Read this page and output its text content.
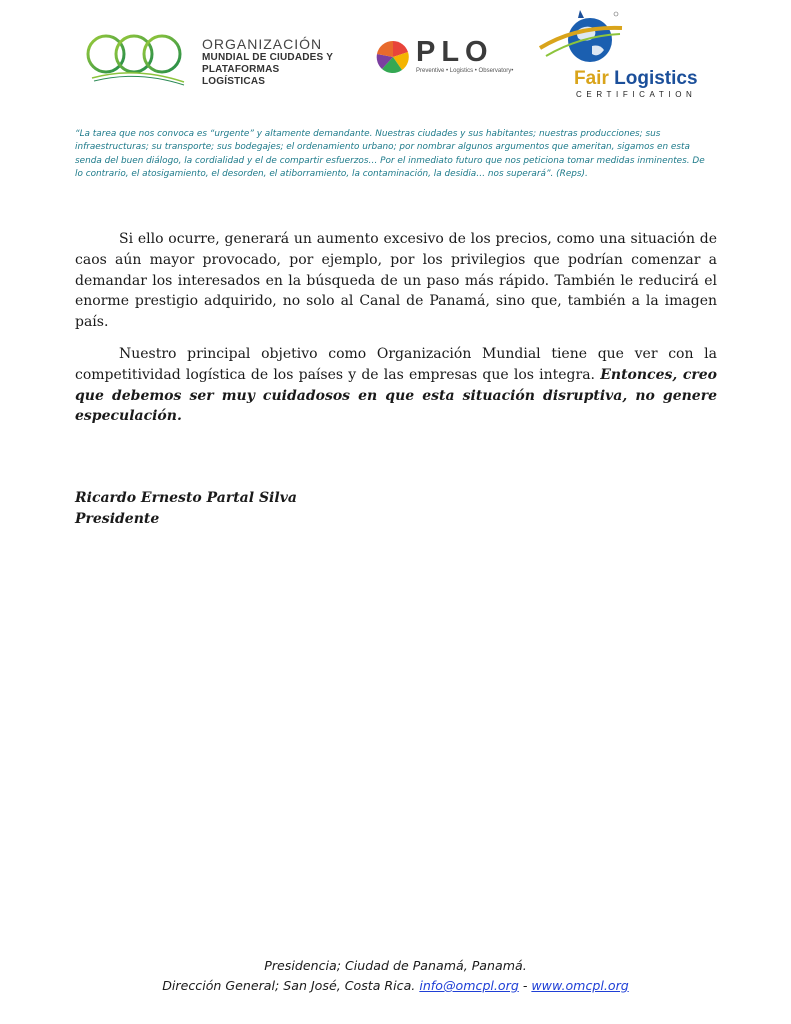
ORGANIZACIÓN
MUNDIAL DE CIUDADES Y
PLATAFORMAS LOGÍSTICAS
PLO
Preventive • Logistics • Observatory•	Fair Logistics
CERTIFICATION
“La tarea que nos convoca es “urgente” y altamente demandante. Nuestras ciudades y sus habitantes; nuestras producciones; sus infraestructuras; su transporte; sus bodegajes; el ordenamiento urbano; por nombrar algunos argumentos que ameritan, sigamos en esta senda del buen diálogo, la cordialidad y el de compartir esfuerzos… Por el inmediato futuro que nos peticiona tomar medidas inminentes. De lo contrario, el atosigamiento, el desorden, el atiborramiento, la contaminación, la desidia… nos superará”. (Reps).

Si ello ocurre, generará un aumento excesivo de los precios, como una situación de caos aún mayor provocado, por ejemplo, por los privilegios que podrían comenzar a demandar los interesados en la búsqueda de un paso más rápido. También le reducirá el enorme prestigio adquirido, no solo al Canal de Panamá, sino que, también a la imagen país.

Nuestro principal objetivo como Organización Mundial tiene que ver con la competitividad logística de los países y de las empresas que los integra. Entonces, creo que debemos ser muy cuidadosos en que esta situación disruptiva, no genere especulación.

Ricardo Ernesto Partal Silva
Presidente
Presidencia; Ciudad de Panamá, Panamá.
Dirección General; San José, Costa Rica. info@omcpl.org - www.omcpl.org
